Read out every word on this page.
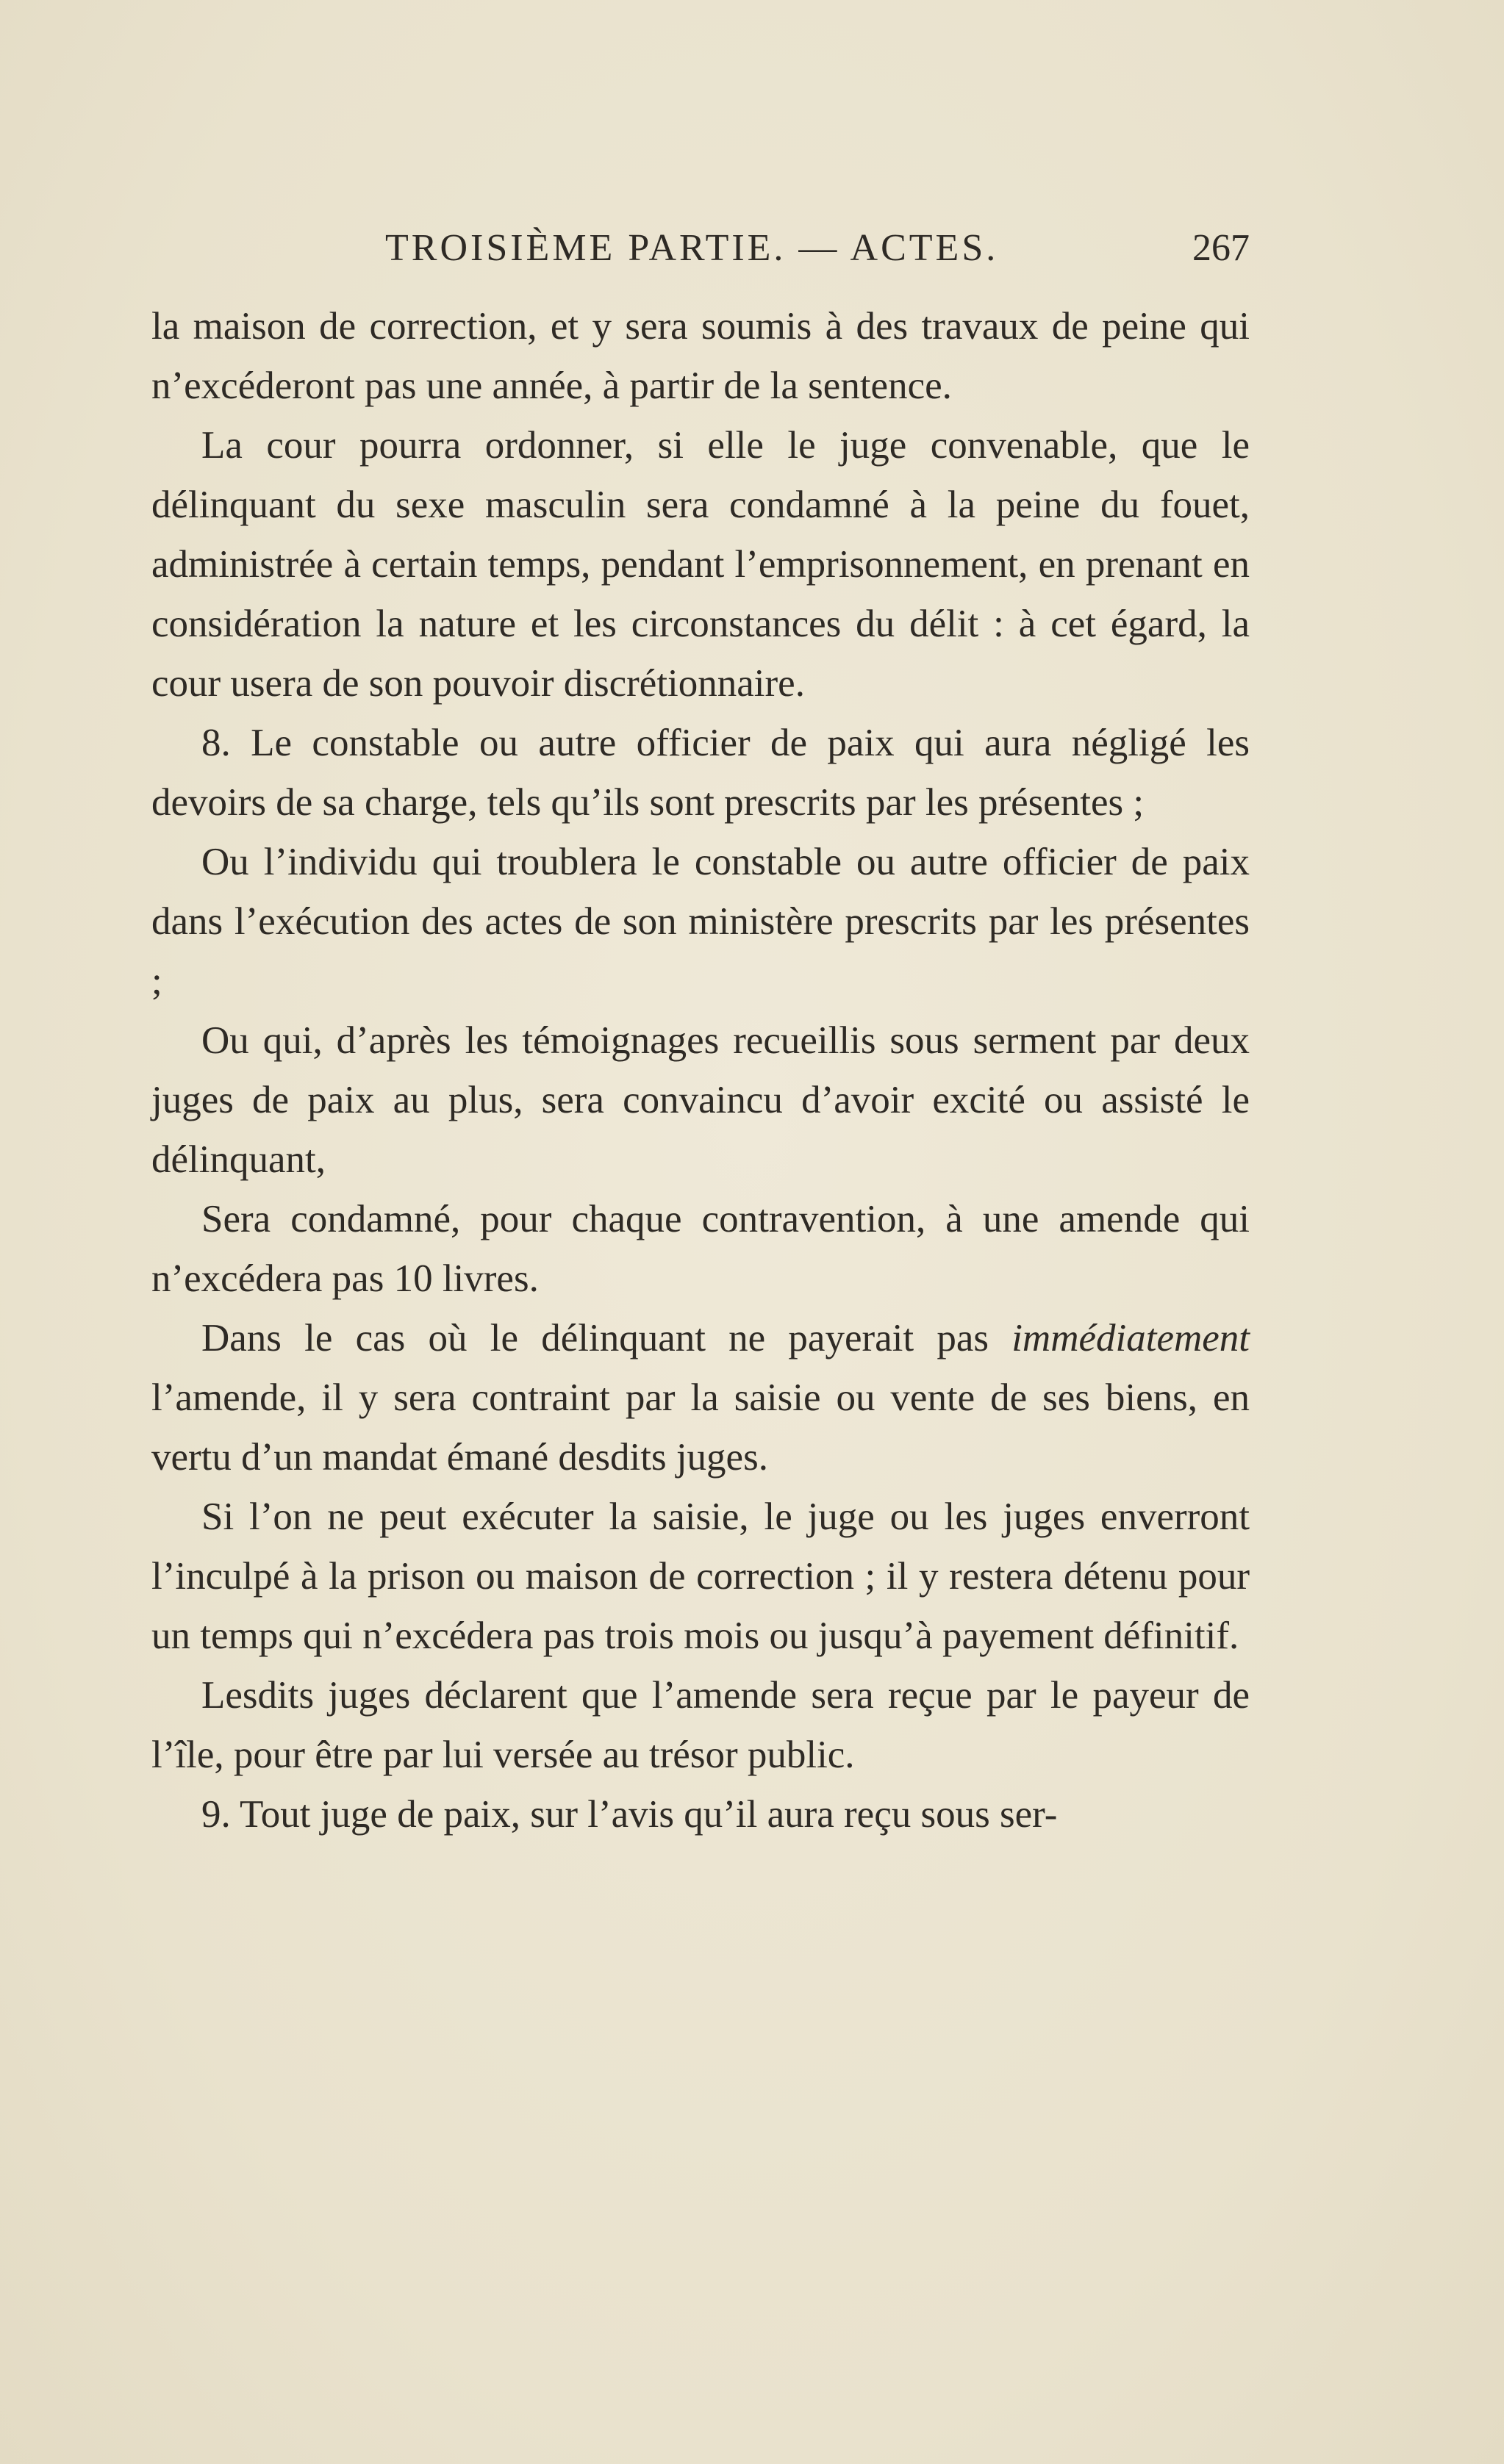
TROISIÈME PARTIE. — ACTES.	267

la maison de correction, et y sera soumis à des travaux de peine qui n’excéderont pas une année, à partir de la sentence.

La cour pourra ordonner, si elle le juge convenable, que le délinquant du sexe masculin sera condamné à la peine du fouet, administrée à certain temps, pendant l’emprisonnement, en prenant en considération la nature et les circonstances du délit : à cet égard, la cour usera de son pouvoir discrétionnaire.

8. Le constable ou autre officier de paix qui aura négligé les devoirs de sa charge, tels qu’ils sont prescrits par les présentes ;

Ou l’individu qui troublera le constable ou autre officier de paix dans l’exécution des actes de son ministère prescrits par les présentes ;

Ou qui, d’après les témoignages recueillis sous serment par deux juges de paix au plus, sera convaincu d’avoir excité ou assisté le délinquant,

Sera condamné, pour chaque contravention, à une amende qui n’excédera pas 10 livres.

Dans le cas où le délinquant ne payerait pas immédiatement l’amende, il y sera contraint par la saisie ou vente de ses biens, en vertu d’un mandat émané desdits juges.

Si l’on ne peut exécuter la saisie, le juge ou les juges enverront l’inculpé à la prison ou maison de correction ; il y restera détenu pour un temps qui n’excédera pas trois mois ou jusqu’à payement définitif.

Lesdits juges déclarent que l’amende sera reçue par le payeur de l’île, pour être par lui versée au trésor public.

9. Tout juge de paix, sur l’avis qu’il aura reçu sous ser-
